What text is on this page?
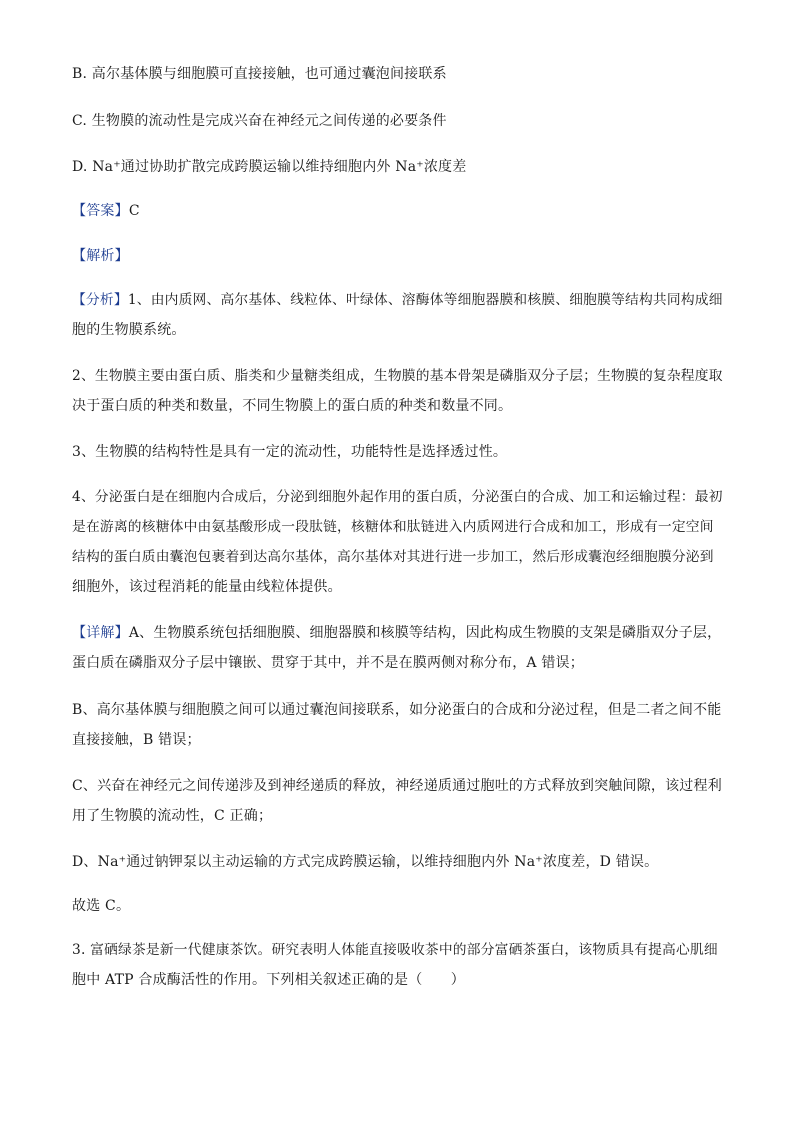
B. 高尔基体膜与细胞膜可直接接触，也可通过囊泡间接联系
C. 生物膜的流动性是完成兴奋在神经元之间传递的必要条件
D. Na⁺通过协助扩散完成跨膜运输以维持细胞内外 Na⁺浓度差
【答案】C
【解析】
【分析】1、由内质网、高尔基体、线粒体、叶绿体、溶酶体等细胞器膜和核膜、细胞膜等结构共同构成细
胞的生物膜系统。
2、生物膜主要由蛋白质、脂类和少量糖类组成，生物膜的基本骨架是磷脂双分子层；生物膜的复杂程度取
决于蛋白质的种类和数量，不同生物膜上的蛋白质的种类和数量不同。
3、生物膜的结构特性是具有一定的流动性，功能特性是选择透过性。
4、分泌蛋白是在细胞内合成后，分泌到细胞外起作用的蛋白质，分泌蛋白的合成、加工和运输过程：最初
是在游离的核糖体中由氨基酸形成一段肽链，核糖体和肽链进入内质网进行合成和加工，形成有一定空间
结构的蛋白质由囊泡包裹着到达高尔基体，高尔基体对其进行进一步加工，然后形成囊泡经细胞膜分泌到
细胞外，该过程消耗的能量由线粒体提供。
【详解】A、生物膜系统包括细胞膜、细胞器膜和核膜等结构，因此构成生物膜的支架是磷脂双分子层，
蛋白质在磷脂双分子层中镶嵌、贯穿于其中，并不是在膜两侧对称分布，A 错误；
B、高尔基体膜与细胞膜之间可以通过囊泡间接联系，如分泌蛋白的合成和分泌过程，但是二者之间不能
直接接触，B 错误；
C、兴奋在神经元之间传递涉及到神经递质的释放，神经递质通过胞吐的方式释放到突触间隙，该过程利
用了生物膜的流动性，C 正确；
D、Na⁺通过钠钾泵以主动运输的方式完成跨膜运输，以维持细胞内外 Na⁺浓度差，D 错误。
故选 C。
3. 富硒绿茶是新一代健康茶饮。研究表明人体能直接吸收茶中的部分富硒茶蛋白，该物质具有提高心肌细
胞中 ATP 合成酶活性的作用。下列相关叙述正确的是（　　）
